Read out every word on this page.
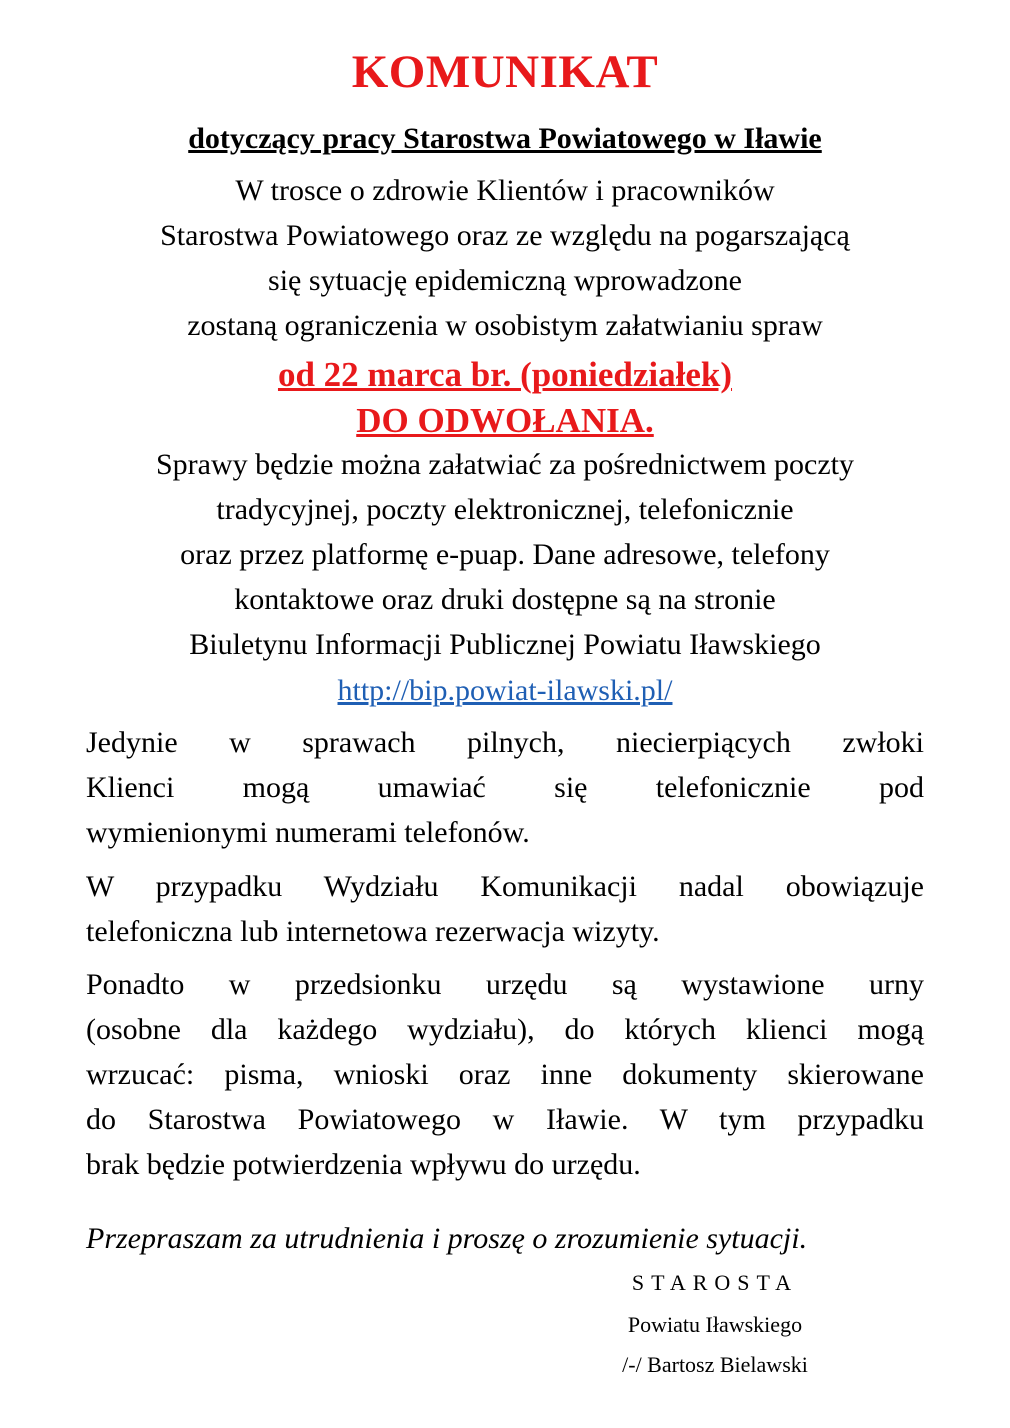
KOMUNIKAT
dotyczący pracy Starostwa Powiatowego w Iławie
W trosce o zdrowie Klientów i pracowników
Starostwa Powiatowego oraz ze względu na pogarszającą
się sytuację epidemiczną wprowadzone
zostaną ograniczenia w osobistym załatwianiu spraw
od 22 marca br. (poniedziałek)
DO ODWOŁANIA.
Sprawy będzie można załatwiać za pośrednictwem poczty
tradycyjnej, poczty elektronicznej, telefonicznie
oraz przez platformę e-puap. Dane adresowe, telefony
kontaktowe oraz druki dostępne są na stronie
Biuletynu Informacji Publicznej Powiatu Iławskiego
http://bip.powiat-ilawski.pl/
Jedynie w sprawach pilnych, niecierpiących zwłoki
Klienci mogą umawiać się telefonicznie pod
wymienionymi numerami telefonów.
W przypadku Wydziału Komunikacji nadal obowiązuje
telefoniczna lub internetowa rezerwacja wizyty.
Ponadto w przedsionku urzędu są wystawione urny
(osobne dla każdego wydziału), do których klienci mogą
wrzucać: pisma, wnioski oraz inne dokumenty skierowane
do Starostwa Powiatowego w Iławie. W tym przypadku
brak będzie potwierdzenia wpływu do urzędu.
Przepraszam za utrudnienia i proszę o zrozumienie sytuacji.
STAROSTA
Powiatu Iławskiego
/-/ Bartosz Bielawski
